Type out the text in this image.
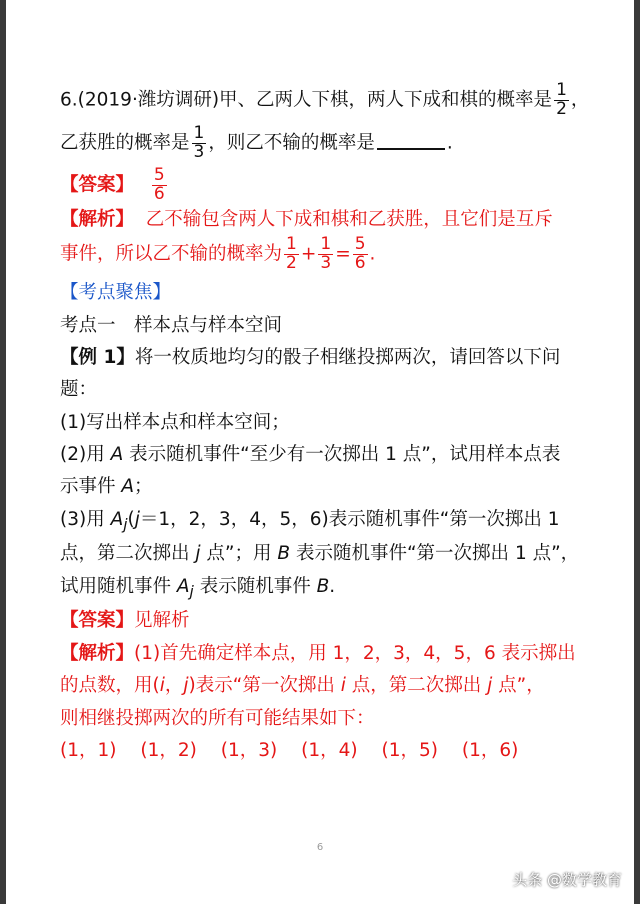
6.(2019·潍坊调研)甲、乙两人下棋，两人下成和棋的概率是 $\frac{1}{2}$ ，
乙获胜的概率是 $\frac{1}{3}$ ，则乙不输的概率是	.
【答案】 $\frac{5}{6}$
【解析】 乙不输包含两人下成和棋和乙获胜，且它们是互斥
事件，所以乙不输的概率为 $\frac{1}{2} + \frac{1}{3} = \frac{5}{6}$ .
【考点聚焦】
考点一　样本点与样本空间
【例 1】将一枚质地均匀的骰子相继投掷两次，请回答以下问
题：
(1)写出样本点和样本空间；
(2)用 A 表示随机事件“至少有一次掷出 1 点”，试用样本点表
示事件 A；
(3)用 $A_j(j=1$，2，3，4，5，6)表示随机事件“第一次掷出 1
点，第二次掷出 j 点”；用 B 表示随机事件“第一次掷出 1 点”，
试用随机事件 $A_j$ 表示随机事件 B.
【答案】见解析
【解析】(1)首先确定样本点，用 1，2，3，4，5，6 表示掷出
的点数，用(i，j)表示“第一次掷出 i 点，第二次掷出 j 点”，
则相继投掷两次的所有可能结果如下：
(1，1) (1，2) (1，3) (1，4) (1，5) (1，6)
6
头条 @数学教育
